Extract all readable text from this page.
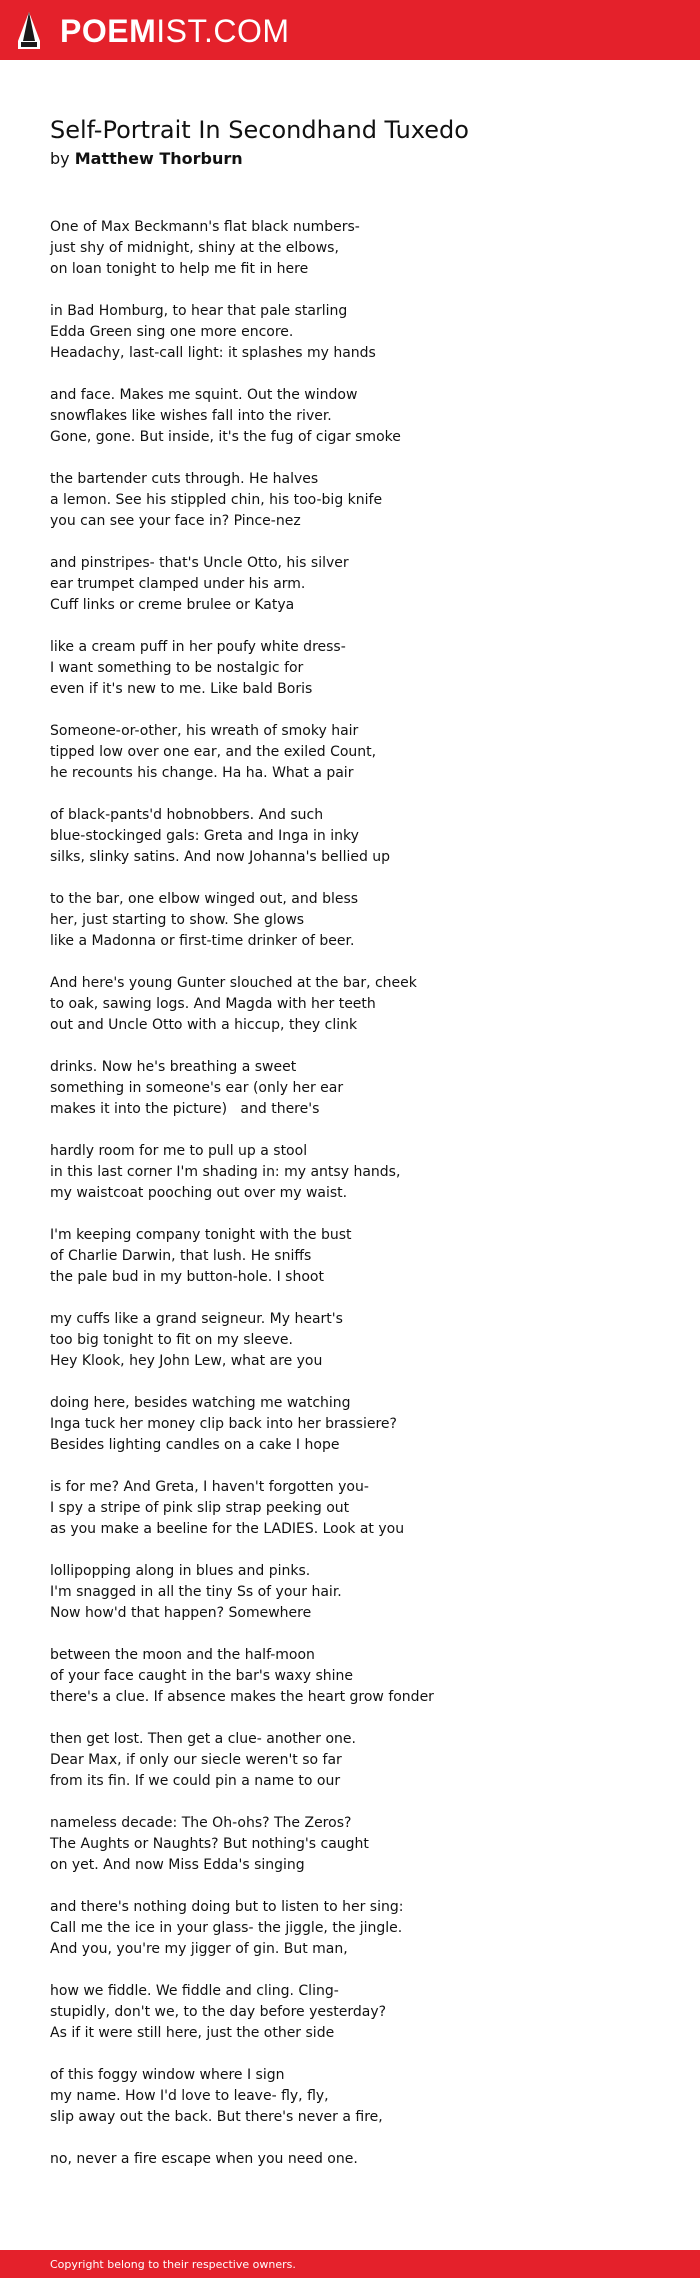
POEM IST.COM
Self-Portrait In Secondhand Tuxedo
by Matthew Thorburn
One of Max Beckmann's flat black numbers-
just shy of midnight, shiny at the elbows,
on loan tonight to help me fit in here
in Bad Homburg, to hear that pale starling
Edda Green sing one more encore.
Headachy, last-call light: it splashes my hands
and face. Makes me squint. Out the window
snowflakes like wishes fall into the river.
Gone, gone. But inside, it's the fug of cigar smoke
the bartender cuts through. He halves
a lemon. See his stippled chin, his too-big knife
you can see your face in? Pince-nez
and pinstripes- that's Uncle Otto, his silver
ear trumpet clamped under his arm.
Cuff links or creme brulee or Katya
like a cream puff in her poufy white dress-
I want something to be nostalgic for
even if it's new to me. Like bald Boris
Someone-or-other, his wreath of smoky hair
tipped low over one ear, and the exiled Count,
he recounts his change. Ha ha. What a pair
of black-pants'd hobnobbers. And such
blue-stockinged gals: Greta and Inga in inky
silks, slinky satins. And now Johanna's bellied up
to the bar, one elbow winged out, and bless
her, just starting to show. She glows
like a Madonna or first-time drinker of beer.
And here's young Gunter slouched at the bar, cheek
to oak, sawing logs. And Magda with her teeth
out and Uncle Otto with a hiccup, they clink
drinks. Now he's breathing a sweet
something in someone's ear (only her ear
makes it into the picture)   and there's
hardly room for me to pull up a stool
in this last corner I'm shading in: my antsy hands,
my waistcoat pooching out over my waist.
I'm keeping company tonight with the bust
of Charlie Darwin, that lush. He sniffs
the pale bud in my button-hole. I shoot
my cuffs like a grand seigneur. My heart's
too big tonight to fit on my sleeve.
Hey Klook, hey John Lew, what are you
doing here, besides watching me watching
Inga tuck her money clip back into her brassiere?
Besides lighting candles on a cake I hope
is for me? And Greta, I haven't forgotten you-
I spy a stripe of pink slip strap peeking out
as you make a beeline for the LADIES. Look at you
lollipopping along in blues and pinks.
I'm snagged in all the tiny Ss of your hair.
Now how'd that happen? Somewhere
between the moon and the half-moon
of your face caught in the bar's waxy shine
there's a clue. If absence makes the heart grow fonder
then get lost. Then get a clue- another one.
Dear Max, if only our siecle weren't so far
from its fin. If we could pin a name to our
nameless decade: The Oh-ohs? The Zeros?
The Aughts or Naughts? But nothing's caught
on yet. And now Miss Edda's singing
and there's nothing doing but to listen to her sing:
Call me the ice in your glass- the jiggle, the jingle.
And you, you're my jigger of gin. But man,
how we fiddle. We fiddle and cling. Cling-
stupidly, don't we, to the day before yesterday?
As if it were still here, just the other side
of this foggy window where I sign
my name. How I'd love to leave- fly, fly,
slip away out the back. But there's never a fire,
no, never a fire escape when you need one.
Copyright belong to their respective owners.
